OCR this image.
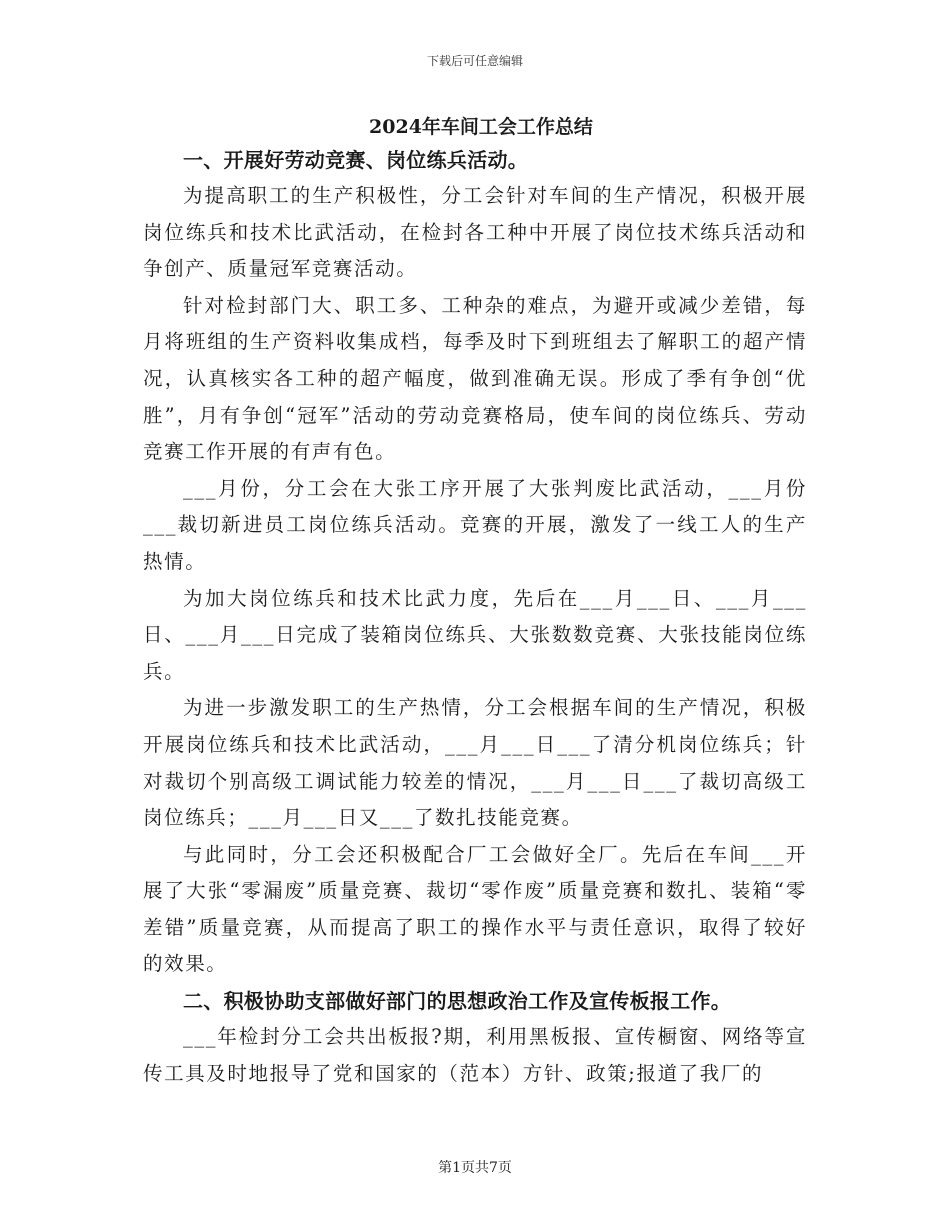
下载后可任意编辑

2024年车间工会工作总结

一、开展好劳动竞赛、岗位练兵活动。

为提高职工的生产积极性，分工会针对车间的生产情况，积极开展岗位练兵和技术比武活动，在检封各工种中开展了岗位技术练兵活动和争创产、质量冠军竞赛活动。

针对检封部门大、职工多、工种杂的难点，为避开或减少差错，每月将班组的生产资料收集成档，每季及时下到班组去了解职工的超产情况，认真核实各工种的超产幅度，做到准确无误。形成了季有争创“优胜”，月有争创“冠军”活动的劳动竞赛格局，使车间的岗位练兵、劳动竞赛工作开展的有声有色。

___月份，分工会在大张工序开展了大张判废比武活动，___月份___裁切新进员工岗位练兵活动。竞赛的开展，激发了一线工人的生产热情。

为加大岗位练兵和技术比武力度，先后在___月___日、___月___日、___月___日完成了装箱岗位练兵、大张数数竞赛、大张技能岗位练兵。

为进一步激发职工的生产热情，分工会根据车间的生产情况，积极开展岗位练兵和技术比武活动，___月___日___了清分机岗位练兵；针对裁切个别高级工调试能力较差的情况，___月___日___了裁切高级工岗位练兵；___月___日又___了数扎技能竞赛。

与此同时，分工会还积极配合厂工会做好全厂。先后在车间___开展了大张“零漏废”质量竞赛、裁切“零作废”质量竞赛和数扎、装箱“零差错”质量竞赛，从而提高了职工的操作水平与责任意识，取得了较好的效果。

二、积极协助支部做好部门的思想政治工作及宣传板报工作。

___年检封分工会共出板报?期，利用黑板报、宣传橱窗、网络等宣传工具及时地报导了党和国家的（范本）方针、政策;报道了我厂的

第1页共7页
